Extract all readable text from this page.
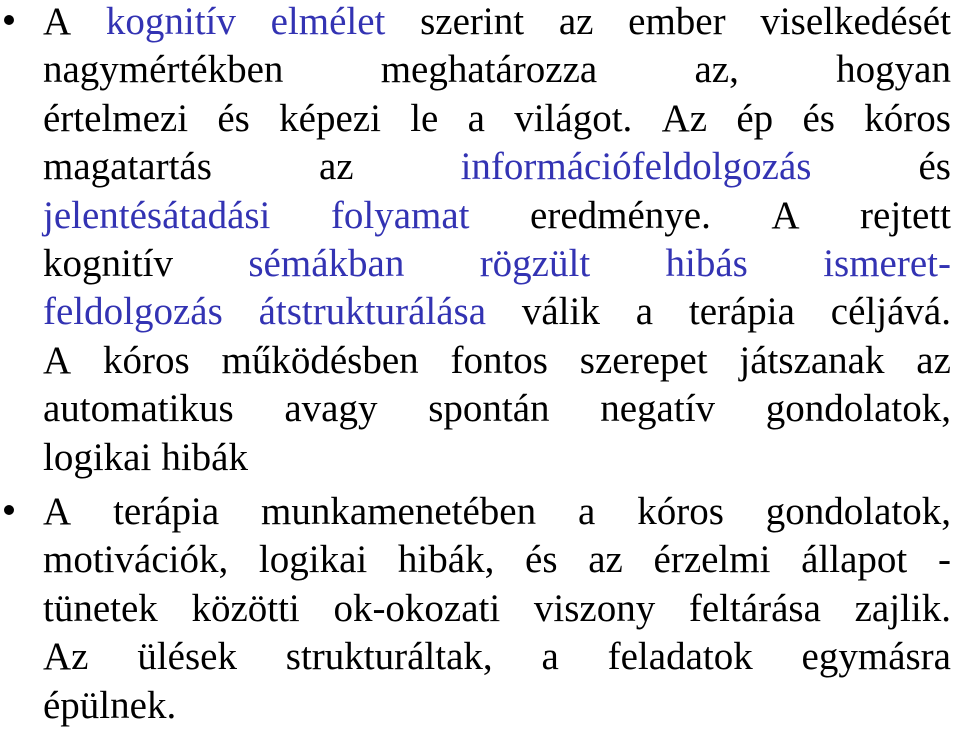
A kognitív elmélet szerint az ember viselkedését
nagymértékben meghatározza az, hogyan
értelmezi és képezi le a világot. Az ép és kóros
magatartás	az	információfeldolgozás	és
jelentésátadási folyamat eredménye. A rejtett
kognitív sémákban rögzült hibás ismeret-
feldolgozás átstrukturálása válik a terápia céljává.
A kóros működésben fontos szerepet játszanak az
automatikus avagy spontán negatív gondolatok,
logikai hibák
A terápia munkamenetében a kóros gondolatok,
motivációk, logikai hibák, és az érzelmi állapot -
tünetek közötti ok-okozati viszony feltárása zajlik.
Az ülések strukturáltak, a feladatok egymásra
épülnek.
